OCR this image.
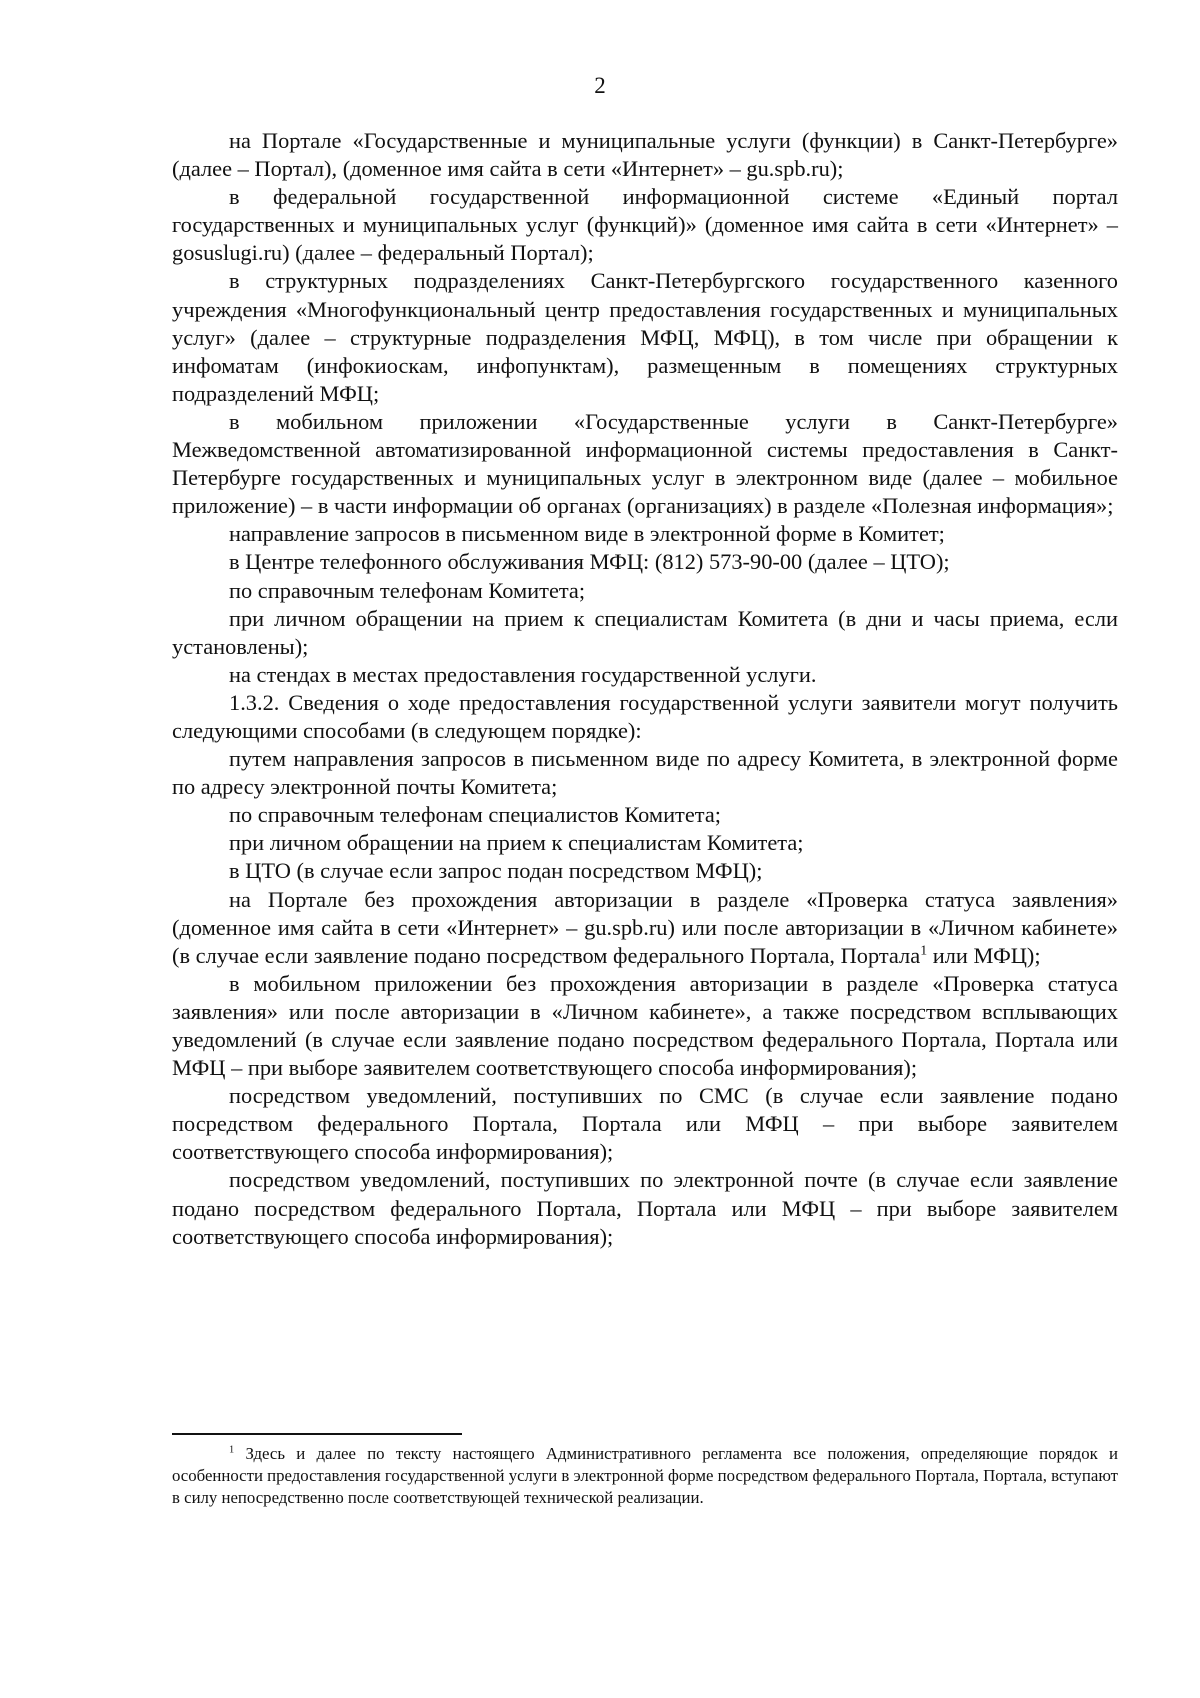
2

на Портале «Государственные и муниципальные услуги (функции) в Санкт-Петербурге» (далее – Портал), (доменное имя сайта в сети «Интернет» – gu.spb.ru);

в федеральной государственной информационной системе «Единый портал государственных и муниципальных услуг (функций)» (доменное имя сайта в сети «Интернет» – gosuslugi.ru) (далее – федеральный Портал);

в структурных подразделениях Санкт-Петербургского государственного казенного учреждения «Многофункциональный центр предоставления государственных и муниципальных услуг» (далее – структурные подразделения МФЦ, МФЦ), в том числе при обращении к инфоматам (инфокиоскам, инфопунктам), размещенным в помещениях структурных подразделений МФЦ;

в мобильном приложении «Государственные услуги в Санкт-Петербурге» Межведомственной автоматизированной информационной системы предоставления в Санкт-Петербурге государственных и муниципальных услуг в электронном виде (далее – мобильное приложение) – в части информации об органах (организациях) в разделе «Полезная информация»;

направление запросов в письменном виде в электронной форме в Комитет;

в Центре телефонного обслуживания МФЦ: (812) 573-90-00 (далее – ЦТО);

по справочным телефонам Комитета;

при личном обращении на прием к специалистам Комитета (в дни и часы приема, если установлены);

на стендах в местах предоставления государственной услуги.

1.3.2. Сведения о ходе предоставления государственной услуги заявители могут получить следующими способами (в следующем порядке):

путем направления запросов в письменном виде по адресу Комитета, в электронной форме по адресу электронной почты Комитета;

по справочным телефонам специалистов Комитета;

при личном обращении на прием к специалистам Комитета;

в ЦТО (в случае если запрос подан посредством МФЦ);

на Портале без прохождения авторизации в разделе «Проверка статуса заявления» (доменное имя сайта в сети «Интернет» – gu.spb.ru) или после авторизации в «Личном кабинете» (в случае если заявление подано посредством федерального Портала, Портала$^1$ или МФЦ);

в мобильном приложении без прохождения авторизации в разделе «Проверка статуса заявления» или после авторизации в «Личном кабинете», а также посредством всплывающих уведомлений (в случае если заявление подано посредством федерального Портала, Портала или МФЦ – при выборе заявителем соответствующего способа информирования);

посредством уведомлений, поступивших по СМС (в случае если заявление подано посредством федерального Портала, Портала или МФЦ – при выборе заявителем соответствующего способа информирования);

посредством уведомлений, поступивших по электронной почте (в случае если заявление подано посредством федерального Портала, Портала или МФЦ – при выборе заявителем соответствующего способа информирования);

$^1$ Здесь и далее по тексту настоящего Административного регламента все положения, определяющие порядок и особенности предоставления государственной услуги в электронной форме посредством федерального Портала, Портала, вступают в силу непосредственно после соответствующей технической реализации.
